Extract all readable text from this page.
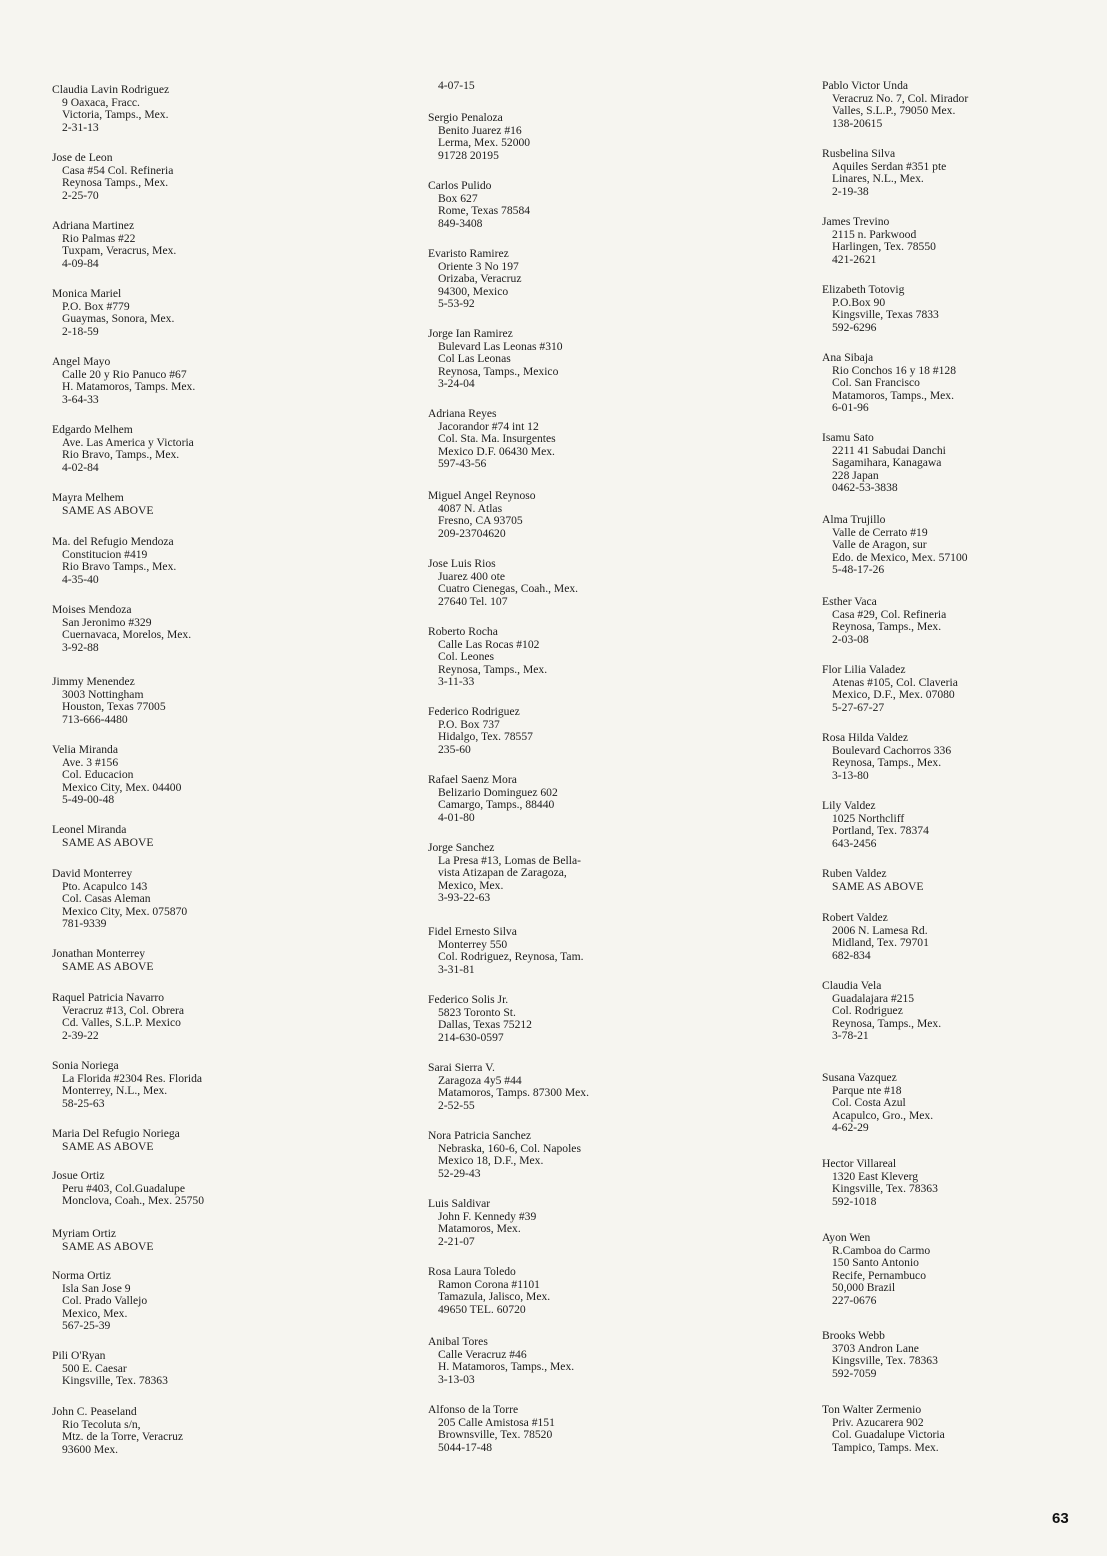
Claudia Lavin Rodriguez
9 Oaxaca, Fracc.
Victoria, Tamps., Mex.
2-31-13
Jose de Leon
Casa #54 Col. Refineria
Reynosa Tamps., Mex.
2-25-70
Adriana Martinez
Rio Palmas #22
Tuxpam, Veracrus, Mex.
4-09-84
Monica Mariel
P.O. Box #779
Guaymas, Sonora, Mex.
2-18-59
Angel Mayo
Calle 20 y Rio Panuco #67
H. Matamoros, Tamps. Mex.
3-64-33
Edgardo Melhem
Ave. Las America y Victoria
Rio Bravo, Tamps., Mex.
4-02-84
Mayra Melhem
SAME AS ABOVE
Ma. del Refugio Mendoza
Constitucion #419
Rio Bravo Tamps., Mex.
4-35-40
Moises Mendoza
San Jeronimo #329
Cuernavaca, Morelos, Mex.
3-92-88
Jimmy Menendez
3003 Nottingham
Houston, Texas 77005
713-666-4480
Velia Miranda
Ave. 3 #156
Col. Educacion
Mexico City, Mex. 04400
5-49-00-48
Leonel Miranda
SAME AS ABOVE
David Monterrey
Pto. Acapulco 143
Col. Casas Aleman
Mexico City, Mex. 075870
781-9339
Jonathan Monterrey
SAME AS ABOVE
Raquel Patricia Navarro
Veracruz #13, Col. Obrera
Cd. Valles, S.L.P. Mexico
2-39-22
Sonia Noriega
La Florida #2304 Res. Florida
Monterrey, N.L., Mex.
58-25-63
Maria Del Refugio Noriega
SAME AS ABOVE
Josue Ortiz
Peru #403, Col.Guadalupe
Monclova, Coah., Mex. 25750
Myriam Ortiz
SAME AS ABOVE
Norma Ortiz
Isla San Jose 9
Col. Prado Vallejo
Mexico, Mex.
567-25-39
Pili O'Ryan
500 E. Caesar
Kingsville, Tex. 78363
John C. Peaseland
Rio Tecoluta s/n,
Mtz. de la Torre, Veracruz
93600 Mex.
4-07-15
Sergio Penaloza
Benito Juarez #16
Lerma, Mex. 52000
91728 20195
Carlos Pulido
Box 627
Rome, Texas 78584
849-3408
Evaristo Ramirez
Oriente 3 No 197
Orizaba, Veracruz
94300, Mexico
5-53-92
Jorge Ian Ramirez
Bulevard Las Leonas #310
Col Las Leonas
Reynosa, Tamps., Mexico
3-24-04
Adriana Reyes
Jacorandor #74 int 12
Col. Sta. Ma. Insurgentes
Mexico D.F. 06430 Mex.
597-43-56
Miguel Angel Reynoso
4087 N. Atlas
Fresno, CA 93705
209-23704620
Jose Luis Rios
Juarez 400 ote
Cuatro Cienegas, Coah., Mex.
27640 Tel. 107
Roberto Rocha
Calle Las Rocas #102
Col. Leones
Reynosa, Tamps., Mex.
3-11-33
Federico Rodriguez
P.O. Box 737
Hidalgo, Tex. 78557
235-60
Rafael Saenz Mora
Belizario Dominguez 602
Camargo, Tamps., 88440
4-01-80
Jorge Sanchez
La Presa #13, Lomas de Bella-
vista Atizapan de Zaragoza,
Mexico, Mex.
3-93-22-63
Fidel Ernesto Silva
Monterrey 550
Col. Rodriguez, Reynosa, Tam.
3-31-81
Federico Solis Jr.
5823 Toronto St.
Dallas, Texas 75212
214-630-0597
Sarai Sierra V.
Zaragoza 4y5 #44
Matamoros, Tamps. 87300 Mex.
2-52-55
Nora Patricia Sanchez
Nebraska, 160-6, Col. Napoles
Mexico 18, D.F., Mex.
52-29-43
Luis Saldivar
John F. Kennedy #39
Matamoros, Mex.
2-21-07
Rosa Laura Toledo
Ramon Corona #1101
Tamazula, Jalisco, Mex.
49650 TEL. 60720
Anibal Tores
Calle Veracruz #46
H. Matamoros, Tamps., Mex.
3-13-03
Alfonso de la Torre
205 Calle Amistosa #151
Brownsville, Tex. 78520
5044-17-48
Pablo Victor Unda
Veracruz No. 7, Col. Mirador
Valles, S.L.P., 79050 Mex.
138-20615
Rusbelina Silva
Aquiles Serdan #351 pte
Linares, N.L., Mex.
2-19-38
James Trevino
2115 n. Parkwood
Harlingen, Tex. 78550
421-2621
Elizabeth Totovig
P.O.Box 90
Kingsville, Texas 7833
592-6296
Ana Sibaja
Rio Conchos 16 y 18 #128
Col. San Francisco
Matamoros, Tamps., Mex.
6-01-96
Isamu Sato
2211 41 Sabudai Danchi
Sagamihara, Kanagawa
228 Japan
0462-53-3838
Alma Trujillo
Valle de Cerrato #19
Valle de Aragon, sur
Edo. de Mexico, Mex. 57100
5-48-17-26
Esther Vaca
Casa #29, Col. Refineria
Reynosa, Tamps., Mex.
2-03-08
Flor Lilia Valadez
Atenas #105, Col. Claveria
Mexico, D.F., Mex. 07080
5-27-67-27
Rosa Hilda Valdez
Boulevard Cachorros 336
Reynosa, Tamps., Mex.
3-13-80
Lily Valdez
1025 Northcliff
Portland, Tex. 78374
643-2456
Ruben Valdez
SAME AS ABOVE
Robert Valdez
2006 N. Lamesa Rd.
Midland, Tex. 79701
682-834
Claudia Vela
Guadalajara #215
Col. Rodriguez
Reynosa, Tamps., Mex.
3-78-21
Susana Vazquez
Parque nte #18
Col. Costa Azul
Acapulco, Gro., Mex.
4-62-29
Hector Villareal
1320 East Kleverg
Kingsville, Tex. 78363
592-1018
Ayon Wen
R.Camboa do Carmo
150 Santo Antonio
Recife, Pernambuco
50,000 Brazil
227-0676
Brooks Webb
3703 Andron Lane
Kingsville, Tex. 78363
592-7059
Ton Walter Zermenio
Priv. Azucarera 902
Col. Guadalupe Victoria
Tampico, Tamps. Mex.
63
